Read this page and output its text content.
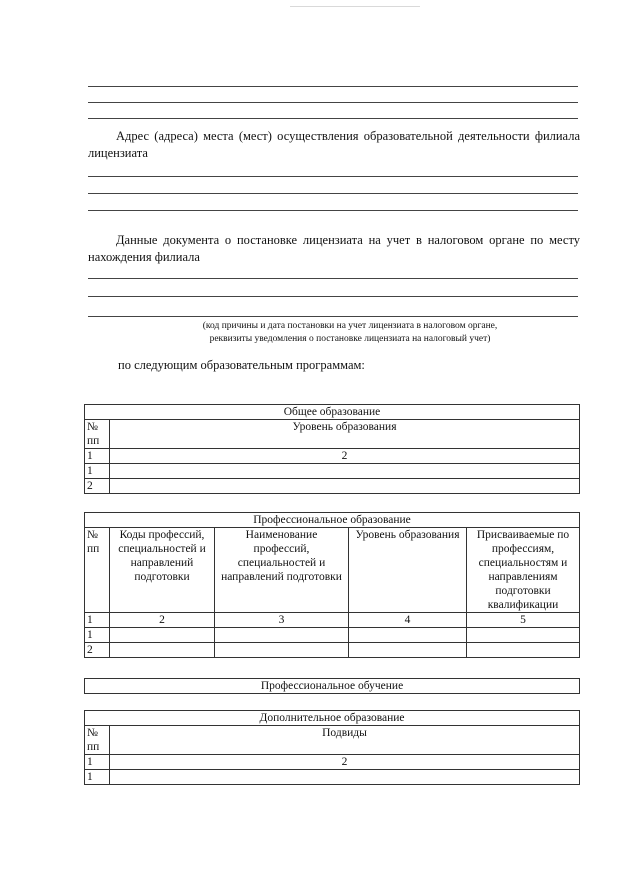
Адрес (адреса) места (мест) осуществления образовательной деятельности филиала лицензиата

Данные документа о постановке лицензиата на учет в налоговом органе по месту нахождения филиала

(код причины и дата постановки на учет лицензиата в налоговом органе,
реквизиты уведомления о постановке лицензиата на налоговый учет)
по следующим образовательным программам:
Общее образование	

№
пп	Уровень образования
1	2
1	
2	
Профессиональное образование				

№
пп	Коды профессий, специальностей и направлений подготовки	Наименование профессий, специальностей и направлений подготовки	Уровень образования	Присваиваемые по профессиям, специальностям и направлениям подготовки квалификации
1	2	3	4	5
1				
2				
Профессиональное обучение
Дополнительное образование	

№
пп	Подвиды
1	2
1	
